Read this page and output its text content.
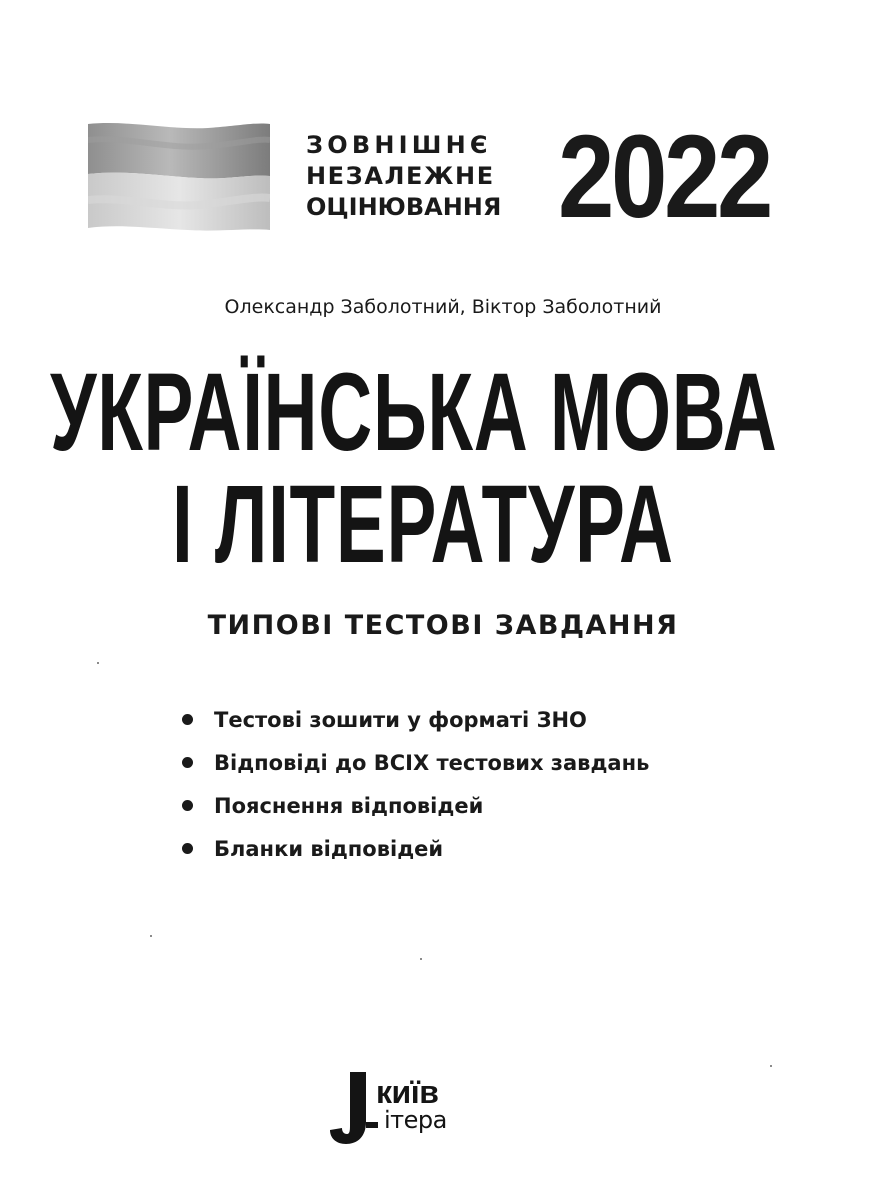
ЗОВНІШНЄ
НЕЗАЛЕЖНЕ
ОЦІНЮВАННЯ 2022
Олександр Заболотний, Віктор Заболотний
УКРАЇНСЬКА МОВА
І ЛІТЕРАТУРА
ТИПОВІ ТЕСТОВІ ЗАВДАННЯ
Тестові зошити у форматі ЗНО
Відповіді до ВСІХ тестових завдань
Пояснення відповідей
Бланки відповідей
київ
ітера
